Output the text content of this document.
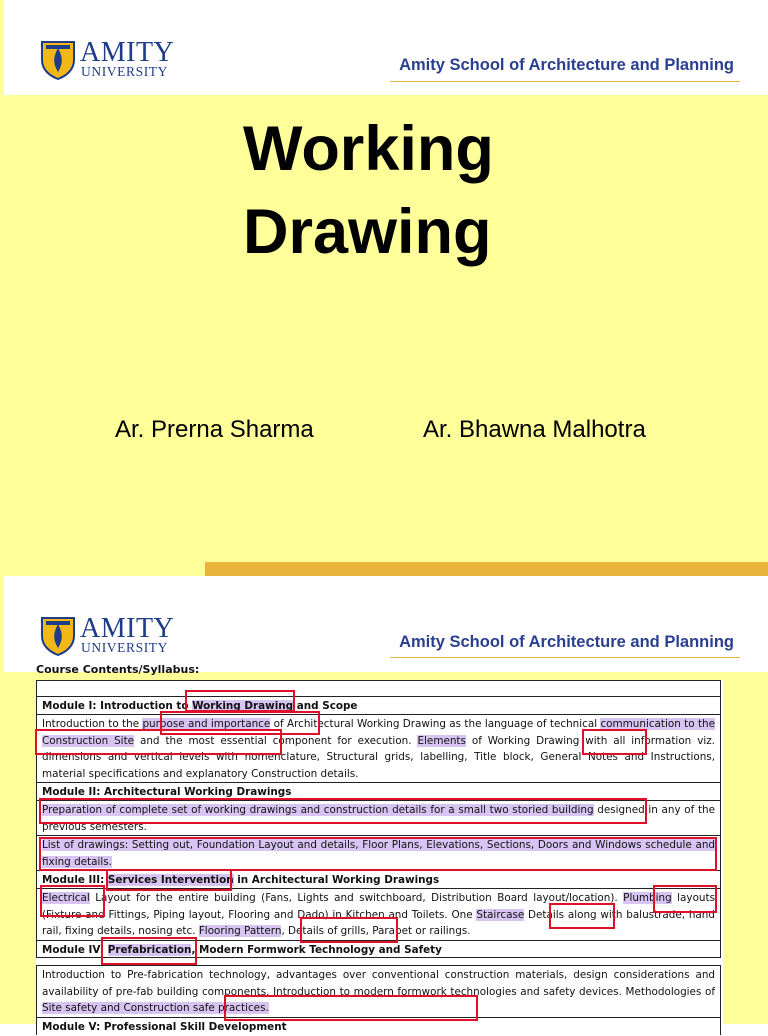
AMITY
UNIVERSITY	Amity School of Architecture and Planning
Working
Drawing
Ar. Prerna Sharma	Ar. Bhawna Malhotra
AMITY
UNIVERSITY	Amity School of Architecture and Planning
Course Contents/Syllabus:
Module I: Introduction to Working Drawing and Scope
Introduction to the purpose and importance of Architectural Working Drawing as the language of technical communication to the Construction Site and the most essential component for execution. Elements of Working Drawing with all information viz. dimensions and vertical levels with nomenclature, Structural grids, labelling, Title block, General Notes and Instructions, material specifications and explanatory Construction details.
Module II: Architectural Working Drawings
Preparation of complete set of working drawings and construction details for a small two storied building designed in any of the previous semesters.
List of drawings: Setting out, Foundation Layout and details, Floor Plans, Elevations, Sections, Doors and Windows schedule and fixing details.
Module III: Services Intervention in Architectural Working Drawings
Electrical Layout for the entire building (Fans, Lights and switchboard, Distribution Board layout/location). Plumbing layouts (Fixture and Fittings, Piping layout, Flooring and Dado) in Kitchen and Toilets. One Staircase Details along with balustrade, hand rail, fixing details, nosing etc. Flooring Pattern, Details of grills, Parapet or railings.
Module IV: Prefabrication, Modern Formwork Technology and Safety
Introduction to Pre-fabrication technology, advantages over conventional construction materials, design considerations and availability of pre-fab building components. Introduction to modern formwork technologies and safety devices. Methodologies of Site safety and Construction safe practices.
Module V: Professional Skill Development
